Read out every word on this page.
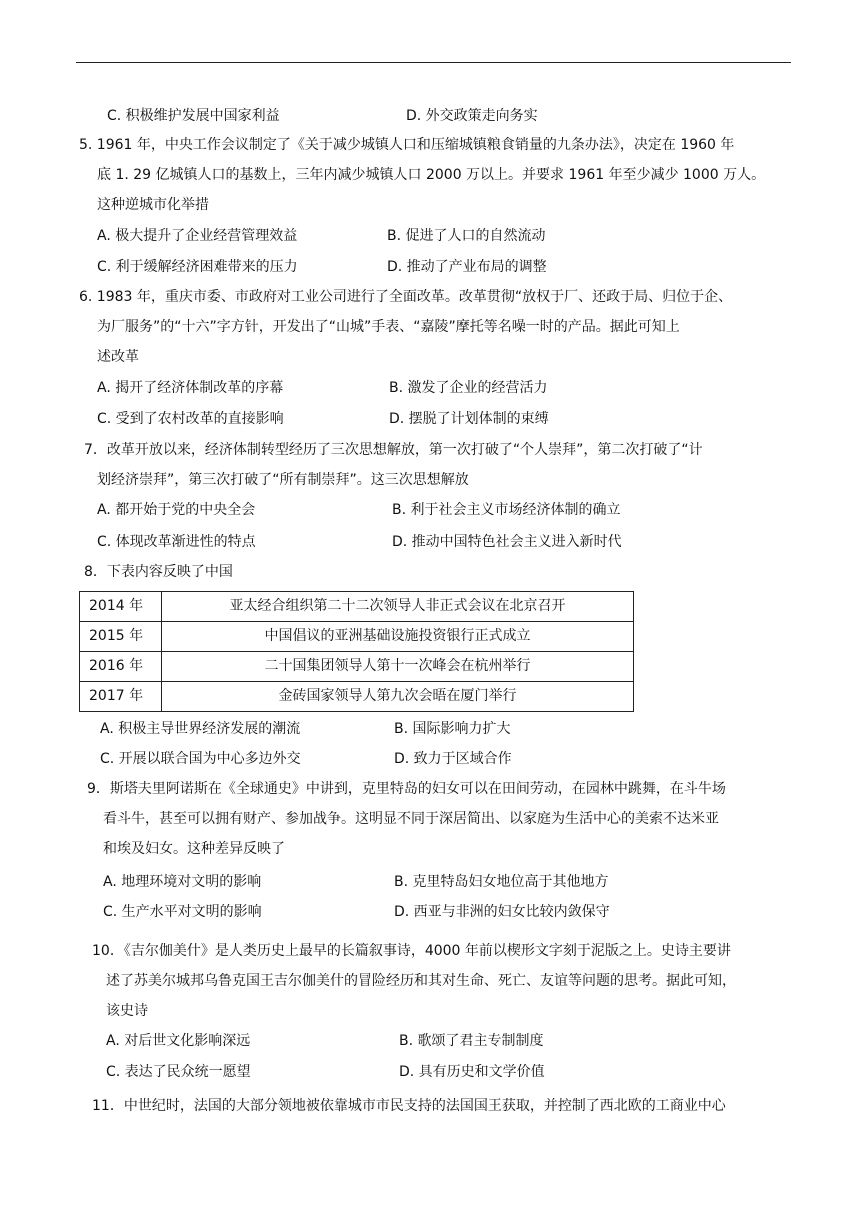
C. 积极维护发展中国家利益	D. 外交政策走向务实
5. 1961 年，中央工作会议制定了《关于减少城镇人口和压缩城镇粮食销量的九条办法》，决定在 1960 年
底 1. 29 亿城镇人口的基数上，三年内减少城镇人口 2000 万以上。并要求 1961 年至少减少 1000 万人。
这种逆城市化举措
A. 极大提升了企业经营管理效益	B. 促进了人口的自然流动
C. 利于缓解经济困难带来的压力	D. 推动了产业布局的调整
6. 1983 年，重庆市委、市政府对工业公司进行了全面改革。改革贯彻“放权于厂、还政于局、归位于企、
为厂服务”的“十六”字方针，开发出了“山城”手表、“嘉陵”摩托等名噪一时的产品。据此可知上
述改革
A. 揭开了经济体制改革的序幕	B. 激发了企业的经营活力
C. 受到了农村改革的直接影响	D. 摆脱了计划体制的束缚
7．改革开放以来，经济体制转型经历了三次思想解放，第一次打破了“个人崇拜”，第二次打破了“计
划经济崇拜”，第三次打破了“所有制崇拜”。这三次思想解放
A. 都开始于党的中央全会	B. 利于社会主义市场经济体制的确立
C. 体现改革渐进性的特点	D. 推动中国特色社会主义进入新时代
8．下表内容反映了中国
2014 年	亚太经合组织第二十二次领导人非正式会议在北京召开
2015 年	中国倡议的亚洲基础设施投资银行正式成立
2016 年	二十国集团领导人第十一次峰会在杭州举行
2017 年	金砖国家领导人第九次会晤在厦门举行
A. 积极主导世界经济发展的潮流	B. 国际影响力扩大
C. 开展以联合国为中心多边外交	D. 致力于区域合作
9．斯塔夫里阿诺斯在《全球通史》中讲到，克里特岛的妇女可以在田间劳动，在园林中跳舞，在斗牛场
看斗牛，甚至可以拥有财产、参加战争。这明显不同于深居简出、以家庭为生活中心的美索不达米亚
和埃及妇女。这种差异反映了
A. 地理环境对文明的影响	B. 克里特岛妇女地位高于其他地方
C. 生产水平对文明的影响	D. 西亚与非洲的妇女比较内敛保守
10．《吉尔伽美什》是人类历史上最早的长篇叙事诗，4000 年前以楔形文字刻于泥版之上。史诗主要讲
述了苏美尔城邦乌鲁克国王吉尔伽美什的冒险经历和其对生命、死亡、友谊等问题的思考。据此可知，
该史诗
A. 对后世文化影响深远	B. 歌颂了君主专制制度
C. 表达了民众统一愿望	D. 具有历史和文学价值
11．中世纪时，法国的大部分领地被依靠城市市民支持的法国国王获取，并控制了西北欧的工商业中心
